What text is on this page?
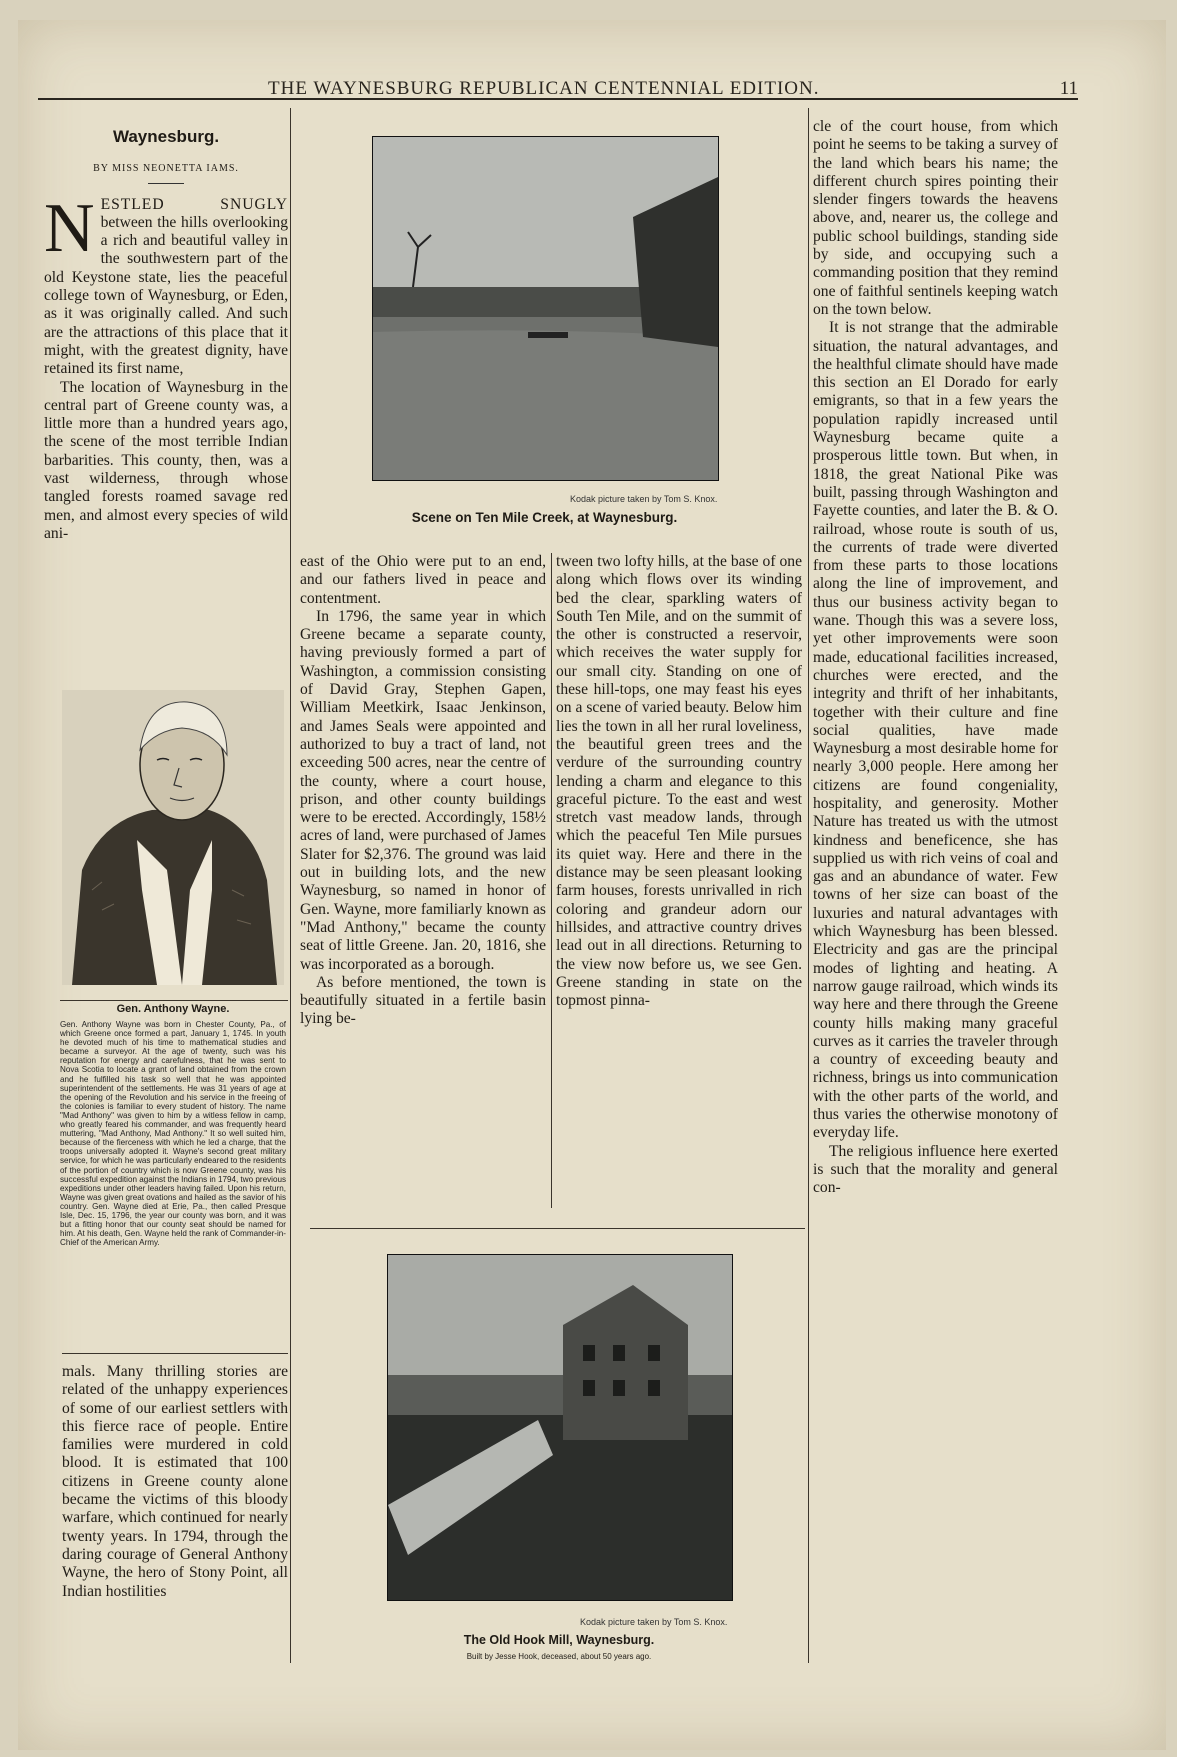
THE WAYNESBURG REPUBLICAN CENTENNIAL EDITION.	11
Waynesburg.
BY MISS NEONETTA IAMS.

N ESTLED SNUGLY between the hills overlooking a rich and beautiful valley in the southwestern part of the old Keystone state, lies the peaceful college town of Waynesburg, or Eden, as it was originally called. And such are the attractions of this place that it might, with the greatest dignity, have retained its first name,

The location of Waynesburg in the central part of Greene county was, a little more than a hundred years ago, the scene of the most terrible Indian barbarities. This county, then, was a vast wilderness, through whose tangled forests roamed savage red men, and almost every species of wild ani-

Gen. Anthony Wayne.
Gen. Anthony Wayne was born in Chester County, Pa., of which Greene once formed a part, January 1, 1745. In youth he devoted much of his time to mathematical studies and became a surveyor. At the age of twenty, such was his reputation for energy and carefulness, that he was sent to Nova Scotia to locate a grant of land obtained from the crown and he fulfilled his task so well that he was appointed superintendent of the settlements. He was 31 years of age at the opening of the Revolution and his service in the freeing of the colonies is familiar to every student of history. The name "Mad Anthony" was given to him by a witless fellow in camp, who greatly feared his commander, and was frequently heard muttering, "Mad Anthony, Mad Anthony." It so well suited him, because of the fierceness with which he led a charge, that the troops universally adopted it. Wayne's second great military service, for which he was particularly endeared to the residents of the portion of country which is now Greene county, was his successful expedition against the Indians in 1794, two previous expeditions under other leaders having failed. Upon his return, Wayne was given great ovations and hailed as the savior of his country. Gen. Wayne died at Erie, Pa., then called Presque Isle, Dec. 15, 1796, the year our county was born, and it was but a fitting honor that our county seat should be named for him. At his death, Gen. Wayne held the rank of Commander-in-Chief of the American Army.

mals. Many thrilling stories are related of the unhappy experiences of some of our earliest settlers with this fierce race of people. Entire families were murdered in cold blood. It is estimated that 100 citizens in Greene county alone became the victims of this bloody warfare, which continued for nearly twenty years. In 1794, through the daring courage of General Anthony Wayne, the hero of Stony Point, all Indian hostilities

Kodak picture taken by Tom S. Knox.
Scene on Ten Mile Creek, at Waynesburg.

east of the Ohio were put to an end, and our fathers lived in peace and contentment.

In 1796, the same year in which Greene became a separate county, having previously formed a part of Washington, a commission consisting of David Gray, Stephen Gapen, William Meetkirk, Isaac Jenkinson, and James Seals were appointed and authorized to buy a tract of land, not exceeding 500 acres, near the centre of the county, where a court house, prison, and other county buildings were to be erected. Accordingly, 158½ acres of land, were purchased of James Slater for $2,376. The ground was laid out in building lots, and the new Waynesburg, so named in honor of Gen. Wayne, more familiarly known as "Mad Anthony," became the county seat of little Greene. Jan. 20, 1816, she was incorporated as a borough.

As before mentioned, the town is beautifully situated in a fertile basin lying be-

tween two lofty hills, at the base of one along which flows over its winding bed the clear, sparkling waters of South Ten Mile, and on the summit of the other is constructed a reservoir, which receives the water supply for our small city. Standing on one of these hill-tops, one may feast his eyes on a scene of varied beauty. Below him lies the town in all her rural loveliness, the beautiful green trees and the verdure of the surrounding country lending a charm and elegance to this graceful picture. To the east and west stretch vast meadow lands, through which the peaceful Ten Mile pursues its quiet way. Here and there in the distance may be seen pleasant looking farm houses, forests unrivalled in rich coloring and grandeur adorn our hillsides, and attractive country drives lead out in all directions. Returning to the view now before us, we see Gen. Greene standing in state on the topmost pinna-

Kodak picture taken by Tom S. Knox.
The Old Hook Mill, Waynesburg.
Built by Jesse Hook, deceased, about 50 years ago.

cle of the court house, from which point he seems to be taking a survey of the land which bears his name; the different church spires pointing their slender fingers towards the heavens above, and, nearer us, the college and public school buildings, standing side by side, and occupying such a commanding position that they remind one of faithful sentinels keeping watch on the town below.

It is not strange that the admirable situation, the natural advantages, and the healthful climate should have made this section an El Dorado for early emigrants, so that in a few years the population rapidly increased until Waynesburg became quite a prosperous little town. But when, in 1818, the great National Pike was built, passing through Washington and Fayette counties, and later the B. & O. railroad, whose route is south of us, the currents of trade were diverted from these parts to those locations along the line of improvement, and thus our business activity began to wane. Though this was a severe loss, yet other improvements were soon made, educational facilities increased, churches were erected, and the integrity and thrift of her inhabitants, together with their culture and fine social qualities, have made Waynesburg a most desirable home for nearly 3,000 people. Here among her citizens are found congeniality, hospitality, and generosity. Mother Nature has treated us with the utmost kindness and beneficence, she has supplied us with rich veins of coal and gas and an abundance of water. Few towns of her size can boast of the luxuries and natural advantages with which Waynesburg has been blessed. Electricity and gas are the principal modes of lighting and heating. A narrow gauge railroad, which winds its way here and there through the Greene county hills making many graceful curves as it carries the traveler through a country of exceeding beauty and richness, brings us into communication with the other parts of the world, and thus varies the otherwise monotony of everyday life.

The religious influence here exerted is such that the morality and general con-
